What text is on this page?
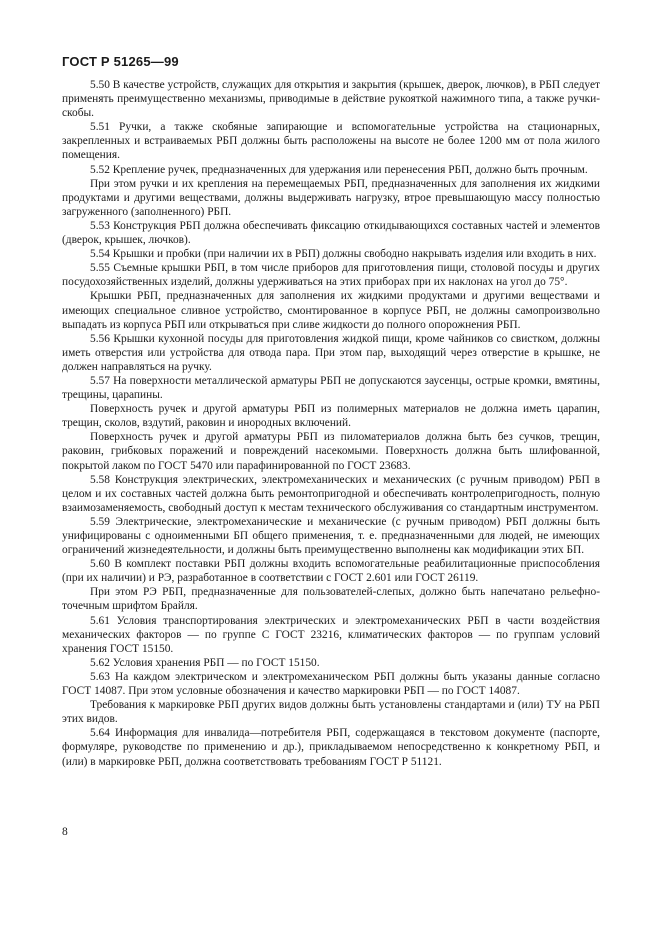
ГОСТ Р 51265—99

5.50 В качестве устройств, служащих для открытия и закрытия (крышек, дверок, лючков), в РБП следует применять преимущественно механизмы, приводимые в действие рукояткой нажимного типа, а также ручки-скобы.

5.51 Ручки, а также скобяные запирающие и вспомогательные устройства на стационарных, закрепленных и встраиваемых РБП должны быть расположены на высоте не более 1200 мм от пола жилого помещения.

5.52 Крепление ручек, предназначенных для удержания или перенесения РБП, должно быть прочным.

При этом ручки и их крепления на перемещаемых РБП, предназначенных для заполнения их жидкими продуктами и другими веществами, должны выдерживать нагрузку, втрое превышающую массу полностью загруженного (заполненного) РБП.

5.53 Конструкция РБП должна обеспечивать фиксацию откидывающихся составных частей и элементов (дверок, крышек, лючков).

5.54 Крышки и пробки (при наличии их в РБП) должны свободно накрывать изделия или входить в них.

5.55 Съемные крышки РБП, в том числе приборов для приготовления пищи, столовой посуды и других посудохозяйственных изделий, должны удерживаться на этих приборах при их наклонах на угол до 75°.

Крышки РБП, предназначенных для заполнения их жидкими продуктами и другими веществами и имеющих специальное сливное устройство, смонтированное в корпусе РБП, не должны самопроизвольно выпадать из корпуса РБП или открываться при сливе жидкости до полного опорожнения РБП.

5.56 Крышки кухонной посуды для приготовления жидкой пищи, кроме чайников со свистком, должны иметь отверстия или устройства для отвода пара. При этом пар, выходящий через отверстие в крышке, не должен направляться на ручку.

5.57 На поверхности металлической арматуры РБП не допускаются заусенцы, острые кромки, вмятины, трещины, царапины.

Поверхность ручек и другой арматуры РБП из полимерных материалов не должна иметь царапин, трещин, сколов, вздутий, раковин и инородных включений.

Поверхность ручек и другой арматуры РБП из пиломатериалов должна быть без сучков, трещин, раковин, грибковых поражений и повреждений насекомыми. Поверхность должна быть шлифованной, покрытой лаком по ГОСТ 5470 или парафинированной по ГОСТ 23683.

5.58 Конструкция электрических, электромеханических и механических (с ручным приводом) РБП в целом и их составных частей должна быть ремонтопригодной и обеспечивать контролепригодность, полную взаимозаменяемость, свободный доступ к местам технического обслуживания со стандартным инструментом.

5.59 Электрические, электромеханические и механические (с ручным приводом) РБП должны быть унифицированы с одноименными БП общего применения, т. е. предназначенными для людей, не имеющих ограничений жизнедеятельности, и должны быть преимущественно выполнены как модификации этих БП.

5.60 В комплект поставки РБП должны входить вспомогательные реабилитационные приспособления (при их наличии) и РЭ, разработанное в соответствии с ГОСТ 2.601 или ГОСТ 26119.

При этом РЭ РБП, предназначенные для пользователей-слепых, должно быть напечатано рельефно-точечным шрифтом Брайля.

5.61 Условия транспортирования электрических и электромеханических РБП в части воздействия механических факторов — по группе С ГОСТ 23216, климатических факторов — по группам условий хранения ГОСТ 15150.

5.62 Условия хранения РБП — по ГОСТ 15150.

5.63 На каждом электрическом и электромеханическом РБП должны быть указаны данные согласно ГОСТ 14087. При этом условные обозначения и качество маркировки РБП — по ГОСТ 14087.

Требования к маркировке РБП других видов должны быть установлены стандартами и (или) ТУ на РБП этих видов.

5.64 Информация для инвалида—потребителя РБП, содержащаяся в текстовом документе (паспорте, формуляре, руководстве по применению и др.), прикладываемом непосредственно к конкретному РБП, и (или) в маркировке РБП, должна соответствовать требованиям ГОСТ Р 51121.

8
